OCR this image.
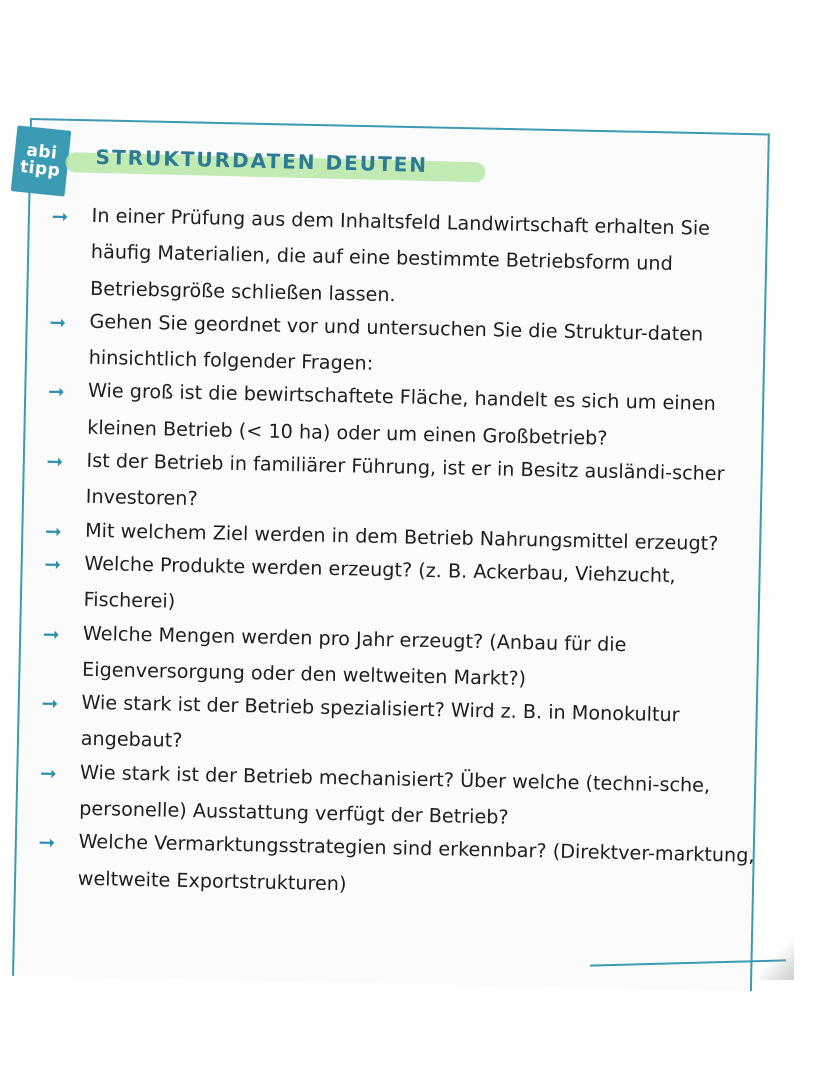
abi
tipp STRUKTURDATEN DEUTEN
➞	In einer Prüfung aus dem Inhaltsfeld Landwirtschaft erhalten Sie häufig Materialien, die auf eine bestimmte Betriebsform und Betriebsgröße schließen lassen.
➞	Gehen Sie geordnet vor und untersuchen Sie die Struktur-daten hinsichtlich folgender Fragen:
➞	Wie groß ist die bewirtschaftete Fläche, handelt es sich um einen kleinen Betrieb (< 10 ha) oder um einen Großbetrieb?
➞	Ist der Betrieb in familiärer Führung, ist er in Besitz ausländi-scher Investoren?
➞	Mit welchem Ziel werden in dem Betrieb Nahrungsmittel erzeugt?
➞	Welche Produkte werden erzeugt? (z. B. Ackerbau, Viehzucht, Fischerei)
➞	Welche Mengen werden pro Jahr erzeugt? (Anbau für die Eigenversorgung oder den weltweiten Markt?)
➞	Wie stark ist der Betrieb spezialisiert? Wird z. B. in Monokultur angebaut?
➞	Wie stark ist der Betrieb mechanisiert? Über welche (techni-sche, personelle) Ausstattung verfügt der Betrieb?
➞	Welche Vermarktungsstrategien sind erkennbar? (Direktver-marktung, weltweite Exportstrukturen)
